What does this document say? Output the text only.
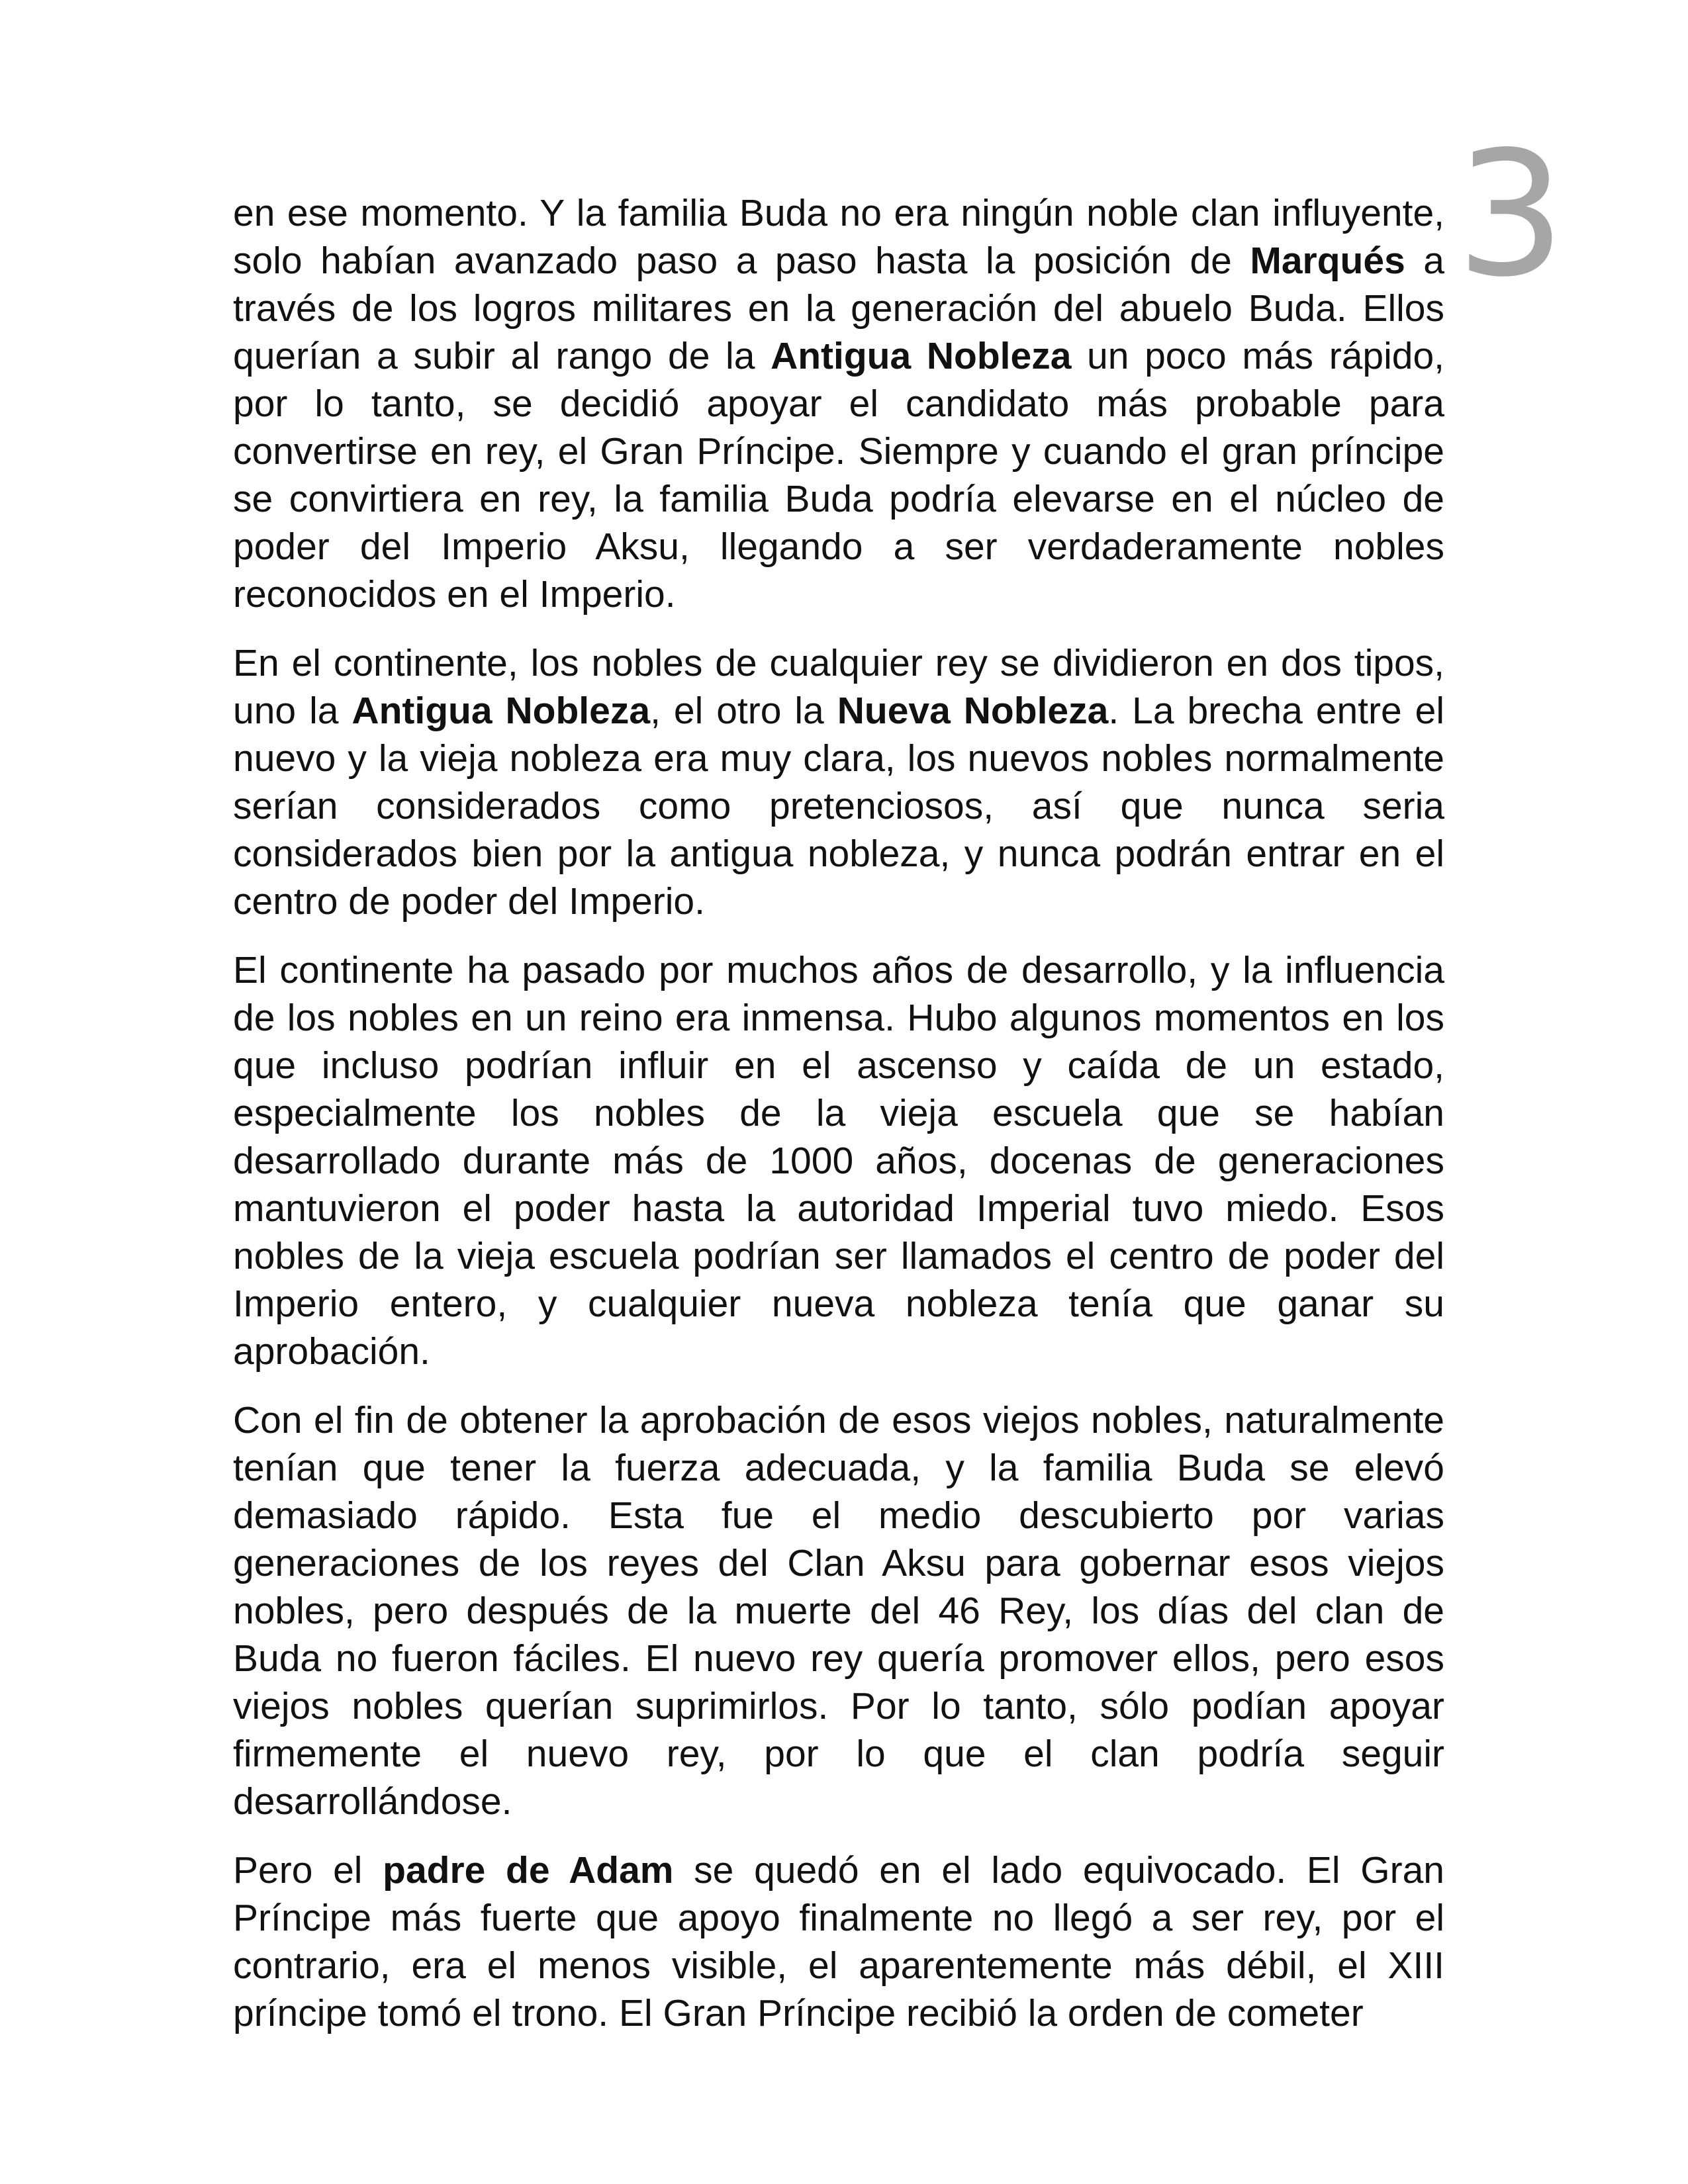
3

en ese momento. Y la familia Buda no era ningún noble clan influyente, solo habían avanzado paso a paso hasta la posición de Marqués a través de los logros militares en la generación del abuelo Buda. Ellos querían a subir al rango de la Antigua Nobleza un poco más rápido, por lo tanto, se decidió apoyar el candidato más probable para convertirse en rey, el Gran Príncipe. Siempre y cuando el gran príncipe se convirtiera en rey, la familia Buda podría elevarse en el núcleo de poder del Imperio Aksu, llegando a ser verdaderamente nobles reconocidos en el Imperio.

En el continente, los nobles de cualquier rey se dividieron en dos tipos, uno la Antigua Nobleza, el otro la Nueva Nobleza. La brecha entre el nuevo y la vieja nobleza era muy clara, los nuevos nobles normalmente serían considerados como pretenciosos, así que nunca seria considerados bien por la antigua nobleza, y nunca podrán entrar en el centro de poder del Imperio.

El continente ha pasado por muchos años de desarrollo, y la influencia de los nobles en un reino era inmensa. Hubo algunos momentos en los que incluso podrían influir en el ascenso y caída de un estado, especialmente los nobles de la vieja escuela que se habían desarrollado durante más de 1000 años, docenas de generaciones mantuvieron el poder hasta la autoridad Imperial tuvo miedo. Esos nobles de la vieja escuela podrían ser llamados el centro de poder del Imperio entero, y cualquier nueva nobleza tenía que ganar su aprobación.

Con el fin de obtener la aprobación de esos viejos nobles, naturalmente tenían que tener la fuerza adecuada, y la familia Buda se elevó demasiado rápido. Esta fue el medio descubierto por varias generaciones de los reyes del Clan Aksu para gobernar esos viejos nobles, pero después de la muerte del 46 Rey, los días del clan de Buda no fueron fáciles. El nuevo rey quería promover ellos, pero esos viejos nobles querían suprimirlos. Por lo tanto, sólo podían apoyar firmemente el nuevo rey, por lo que el clan podría seguir desarrollándose.

Pero el padre de Adam se quedó en el lado equivocado. El Gran Príncipe más fuerte que apoyo finalmente no llegó a ser rey, por el contrario, era el menos visible, el aparentemente más débil, el XIII príncipe tomó el trono. El Gran Príncipe recibió la orden de cometer
